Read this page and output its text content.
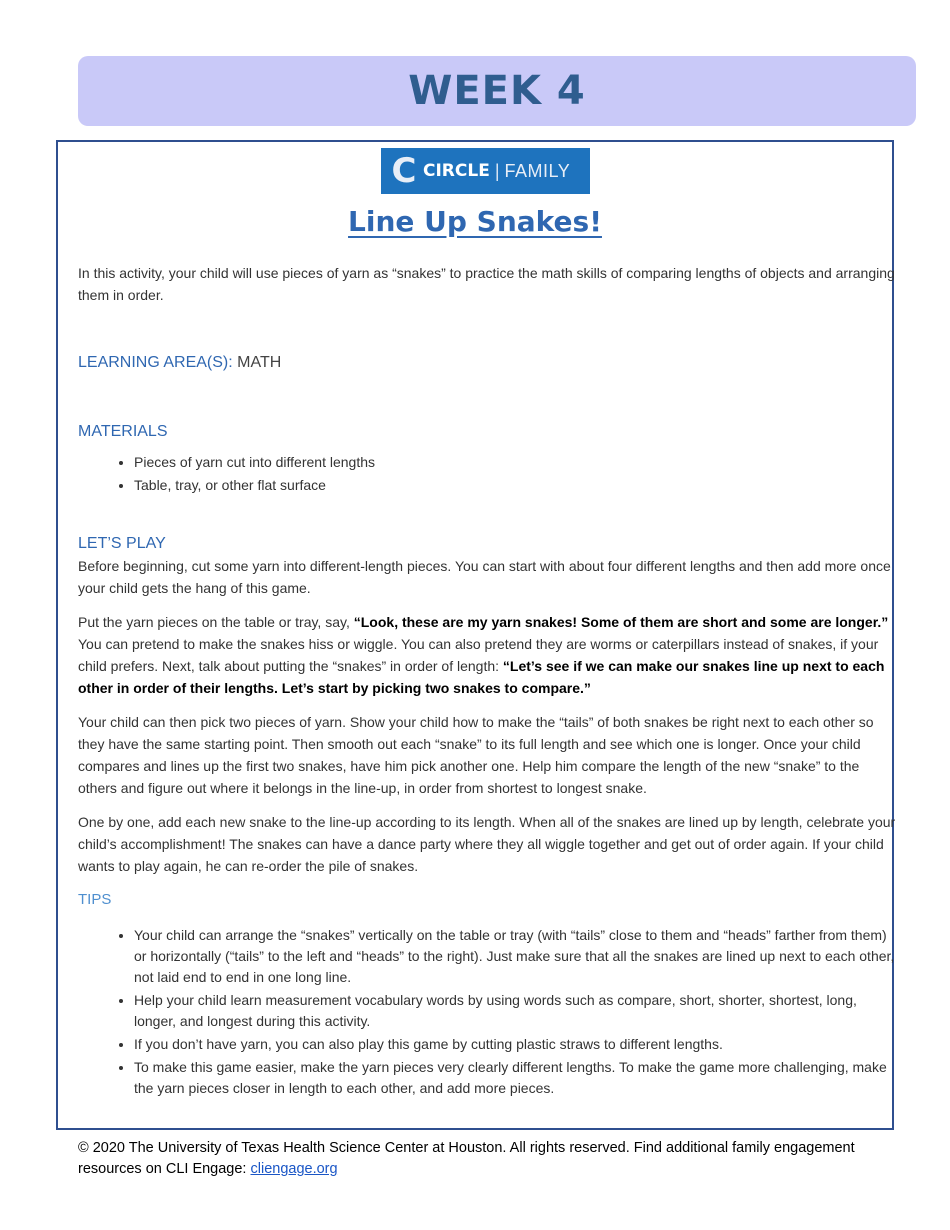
WEEK 4
C CIRCLE | FAMILY
Line Up Snakes!

In this activity, your child will use pieces of yarn as “snakes” to practice the math skills of comparing lengths of objects and arranging them in order.

LEARNING AREA(S): MATH
MATERIALS
• Pieces of yarn cut into different lengths
• Table, tray, or other flat surface
LET’S PLAY

Before beginning, cut some yarn into different-length pieces. You can start with about four different lengths and then add more once your child gets the hang of this game.

Put the yarn pieces on the table or tray, say, “Look, these are my yarn snakes! Some of them are short and some are longer.” You can pretend to make the snakes hiss or wiggle. You can also pretend they are worms or caterpillars instead of snakes, if your child prefers. Next, talk about putting the “snakes” in order of length: “Let’s see if we can make our snakes line up next to each other in order of their lengths. Let’s start by picking two snakes to compare.”

Your child can then pick two pieces of yarn. Show your child how to make the “tails” of both snakes be right next to each other so they have the same starting point. Then smooth out each “snake” to its full length and see which one is longer. Once your child compares and lines up the first two snakes, have him pick another one. Help him compare the length of the new “snake” to the others and figure out where it belongs in the line-up, in order from shortest to longest snake.

One by one, add each new snake to the line-up according to its length. When all of the snakes are lined up by length, celebrate your child’s accomplishment! The snakes can have a dance party where they all wiggle together and get out of order again. If your child wants to play again, he can re-order the pile of snakes.

TIPS
• Your child can arrange the “snakes” vertically on the table or tray (with “tails” close to them and “heads” farther from them) or horizontally (“tails” to the left and “heads” to the right). Just make sure that all the snakes are lined up next to each other, not laid end to end in one long line.
• Help your child learn measurement vocabulary words by using words such as compare, short, shorter, shortest, long, longer, and longest during this activity.
• If you don’t have yarn, you can also play this game by cutting plastic straws to different lengths.
• To make this game easier, make the yarn pieces very clearly different lengths. To make the game more challenging, make the yarn pieces closer in length to each other, and add more pieces.
© 2020 The University of Texas Health Science Center at Houston. All rights reserved. Find additional family engagement resources on CLI Engage: cliengage.org
